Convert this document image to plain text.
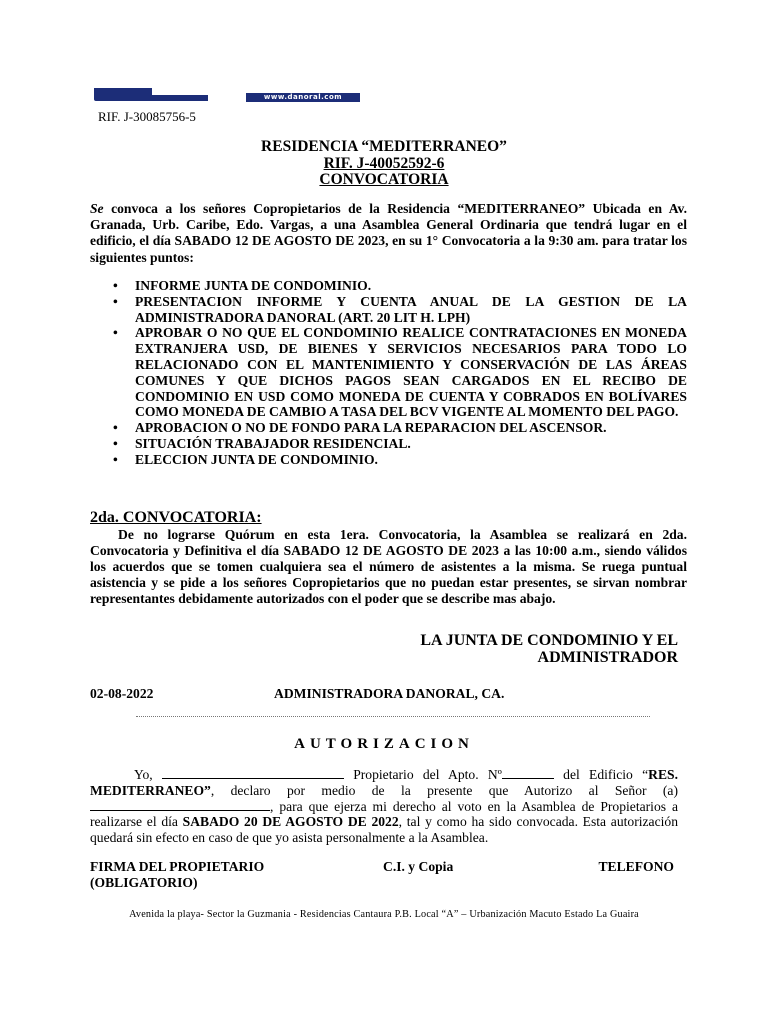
www.danoral.com
RIF. J-30085756-5
RESIDENCIA “MEDITERRANEO”
RIF. J-40052592-6
CONVOCATORIA

Se convoca a los señores Copropietarios de la Residencia “MEDITERRANEO” Ubicada en Av. Granada, Urb. Caribe, Edo. Vargas, a una Asamblea General Ordinaria que tendrá lugar en el edificio, el día SABADO 12 DE AGOSTO DE 2023, en su 1° Convocatoria a la 9:30 am. para tratar los siguientes puntos:

• INFORME JUNTA DE CONDOMINIO.
• PRESENTACION INFORME Y CUENTA ANUAL DE LA GESTION DE LA ADMINISTRADORA DANORAL (ART. 20 LIT H. LPH)
• APROBAR O NO QUE EL CONDOMINIO REALICE CONTRATACIONES EN MONEDA EXTRANJERA USD, DE BIENES Y SERVICIOS NECESARIOS PARA TODO LO RELACIONADO CON EL MANTENIMIENTO Y CONSERVACIÓN DE LAS ÁREAS COMUNES Y QUE DICHOS PAGOS SEAN CARGADOS EN EL RECIBO DE CONDOMINIO EN USD COMO MONEDA DE CUENTA Y COBRADOS EN BOLÍVARES COMO MONEDA DE CAMBIO A TASA DEL BCV VIGENTE AL MOMENTO DEL PAGO.
• APROBACION O NO DE FONDO PARA LA REPARACION DEL ASCENSOR.
• SITUACIÓN TRABAJADOR RESIDENCIAL.
• ELECCION JUNTA DE CONDOMINIO.
2da. CONVOCATORIA:

De no lograrse Quórum en esta 1era. Convocatoria, la Asamblea se realizará en 2da. Convocatoria y Definitiva el día SABADO 12 DE AGOSTO DE 2023 a las 10:00 a.m., siendo válidos los acuerdos que se tomen cualquiera sea el número de asistentes a la misma. Se ruega puntual asistencia y se pide a los señores Copropietarios que no puedan estar presentes, se sirvan nombrar representantes debidamente autorizados con el poder que se describe mas abajo.

LA JUNTA DE CONDOMINIO Y EL
ADMINISTRADOR
02-08-2022	ADMINISTRADORA DANORAL, CA.
AUTORIZACION

Yo,	Propietario del Apto. Nº	del Edificio “RES. MEDITERRANEO”, declaro por medio de la presente que Autorizo al Señor (a) , para que ejerza mi derecho al voto en la Asamblea de Propietarios a realizarse el día SABADO 20 DE AGOSTO DE 2022, tal y como ha sido convocada. Esta autorización quedará sin efecto en caso de que yo asista personalmente a la Asamblea.

FIRMA DEL PROPIETARIO
(OBLIGATORIO)
C.I. y Copia	TELEFONO
Avenida la playa- Sector la Guzmania - Residencias Cantaura P.B. Local “A” – Urbanización Macuto Estado La Guaira
